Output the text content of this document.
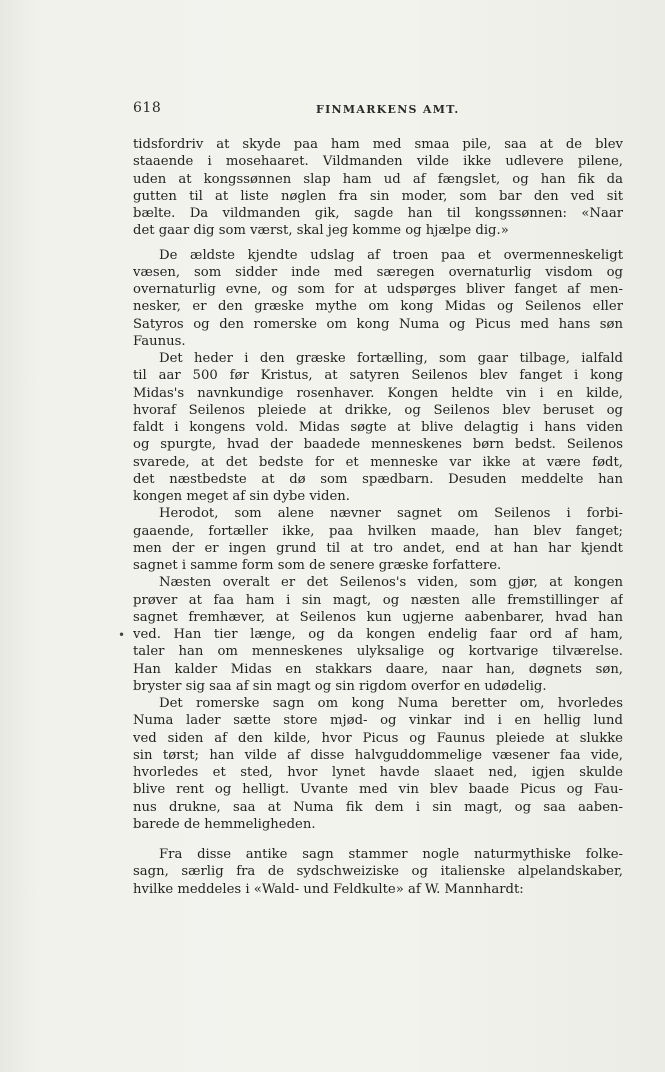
618	FINMARKENS AMT.
tidsfordriv at skyde paa ham med smaa pile, saa at de blev
staaende i mosehaaret. Vildmanden vilde ikke udlevere pilene,
uden at kongssønnen slap ham ud af fængslet, og han fik da
gutten til at liste nøglen fra sin moder, som bar den ved sit
bælte. Da vildmanden gik, sagde han til kongssønnen: «Naar
det gaar dig som værst, skal jeg komme og hjælpe dig.»
De ældste kjendte udslag af troen paa et overmenneskeligt
væsen, som sidder inde med særegen overnaturlig visdom og
overnaturlig evne, og som for at udspørges bliver fanget af men-
nesker, er den græske mythe om kong Midas og Seilenos eller
Satyros og den romerske om kong Numa og Picus med hans søn
Faunus.
Det heder i den græske fortælling, som gaar tilbage, ialfald
til aar 500 før Kristus, at satyren Seilenos blev fanget i kong
Midas's navnkundige rosenhaver. Kongen heldte vin i en kilde,
hvoraf Seilenos pleiede at drikke, og Seilenos blev beruset og
faldt i kongens vold. Midas søgte at blive delagtig i hans viden
og spurgte, hvad der baadede menneskenes børn bedst. Seilenos
svarede, at det bedste for et menneske var ikke at være født,
det næstbedste at dø som spædbarn. Desuden meddelte han
kongen meget af sin dybe viden.
Herodot, som alene nævner sagnet om Seilenos i forbi-
gaaende, fortæller ikke, paa hvilken maade, han blev fanget;
men der er ingen grund til at tro andet, end at han har kjendt
sagnet i samme form som de senere græske forfattere.
Næsten overalt er det Seilenos's viden, som gjør, at kongen
prøver at faa ham i sin magt, og næsten alle fremstillinger af
sagnet fremhæver, at Seilenos kun ugjerne aabenbarer, hvad han
ved. Han tier længe, og da kongen endelig faar ord af ham,
taler han om menneskenes ulyksalige og kortvarige tilværelse.
Han kalder Midas en stakkars daare, naar han, døgnets søn,
bryster sig saa af sin magt og sin rigdom overfor en udødelig.
Det romerske sagn om kong Numa beretter om, hvorledes
Numa lader sætte store mjød- og vinkar ind i en hellig lund
ved siden af den kilde, hvor Picus og Faunus pleiede at slukke
sin tørst; han vilde af disse halvguddommelige væsener faa vide,
hvorledes et sted, hvor lynet havde slaaet ned, igjen skulde
blive rent og helligt. Uvante med vin blev baade Picus og Fau-
nus drukne, saa at Numa fik dem i sin magt, og saa aaben-
barede de hemmeligheden.
Fra disse antike sagn stammer nogle naturmythiske folke-
sagn, særlig fra de sydschweiziske og italienske alpelandskaber,
hvilke meddeles i «Wald- und Feldkulte» af W. Mannhardt:
•
